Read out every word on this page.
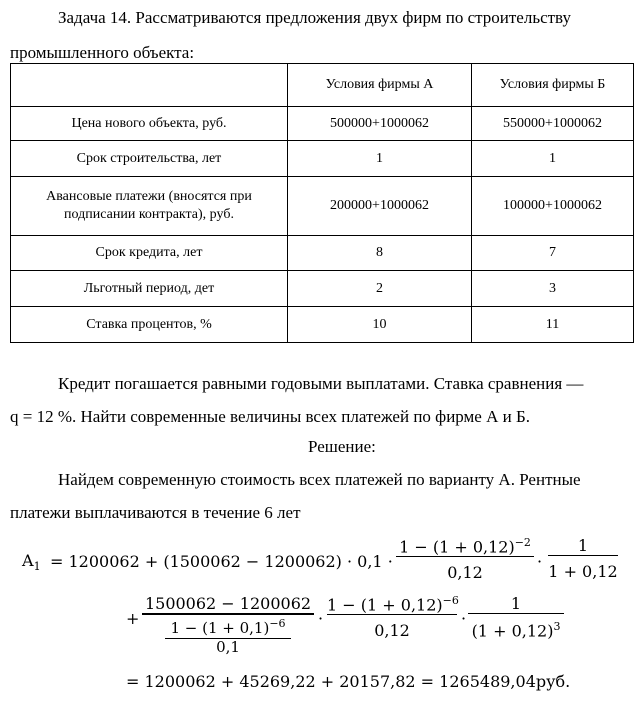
Задача 14. Рассматриваются предложения двух фирм по строительству
промышленного объекта:
	Условия фирмы А	Условия фирмы Б
Цена нового объекта, руб.	500000+1000062	550000+1000062
Срок строительства, лет	1	1
Авансовые платежи (вносятся при
подписании контракта), руб.	200000+1000062	100000+1000062
Срок кредита, лет	8	7
Льготный период, дет	2	3
Ставка процентов, %	10	11
Кредит погашается равными годовыми выплатами. Ставка сравнения —
q = 12 %. Найти современные величины всех платежей по фирме А и Б.
Решение:
Найдем современную стоимость всех платежей по варианту А. Рентные
платежи выплачиваются в течение 6 лет
$A_1 = 1200062 + (1500062 - 1200062) \cdot 0,1$ ·
$1 - (1 + 0,12)^{-2}$
0,12
·
1
1 + 0,12
+
1500062 − 1200062
$1 - (1 + 0,1)^{-6}$
0,1
·
$1 - (1 + 0,12)^{-6}$
0,12
·
1
$(1 + 0,12)^3$
= 1200062 + 45269,22 + 20157,82 = 1265489,04руб.
